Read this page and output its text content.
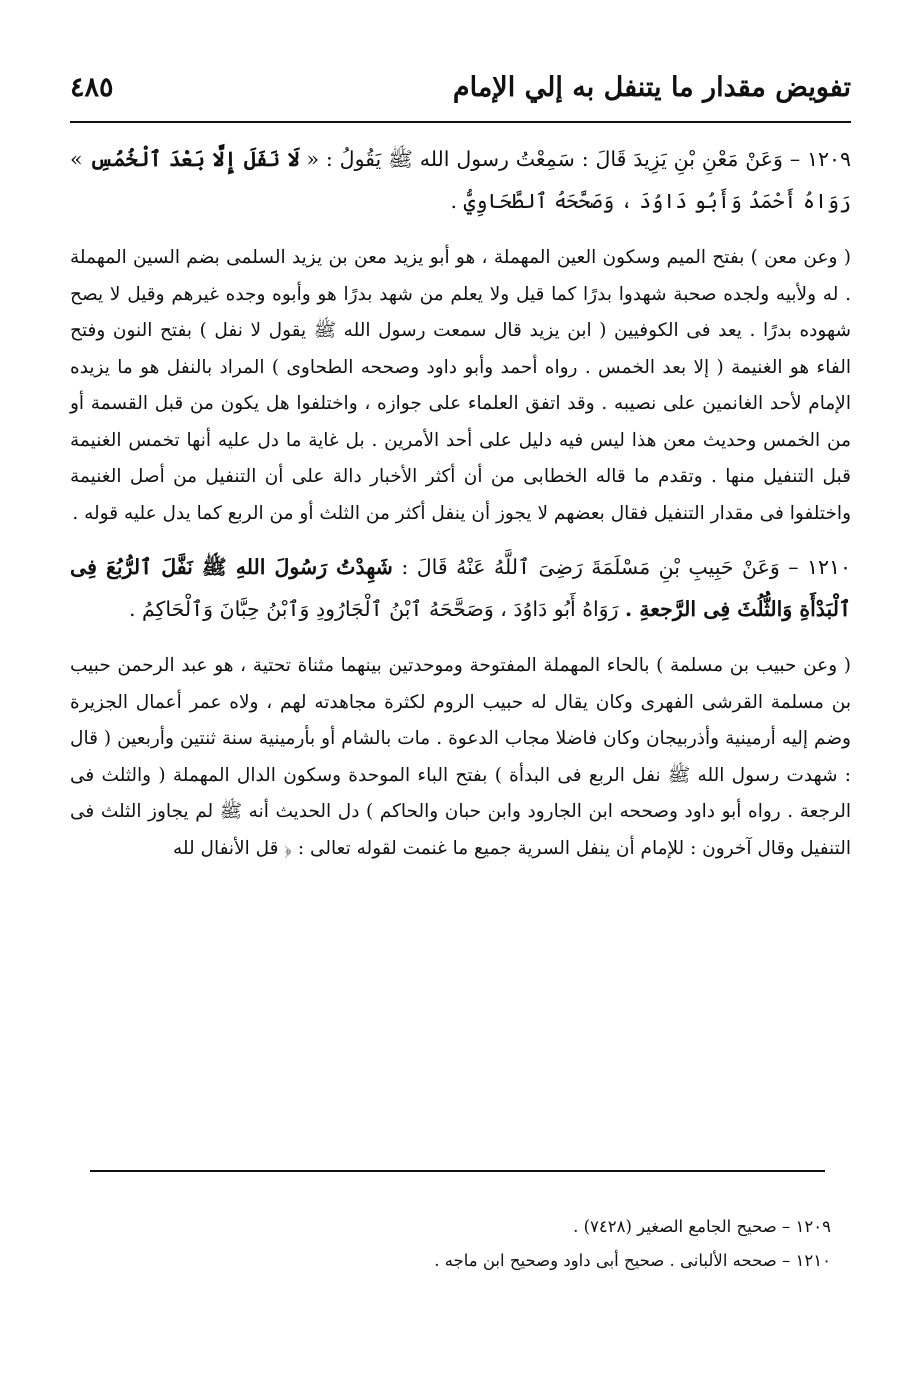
تفويض مقدار ما يتنفل به إلي الإمام
٤٨٥

١٢٠٩ – وَعَنْ مَعْنِ بْنِ يَزِيدَ قَالَ : سَمِعْتُ رسول الله ﷺ يَقُولُ : « لَا نَفَلَ إِلَّا بَعْدَ ٱلْخُمُسِ » رَوَاهُ أَحْمَدُ وَأَبُو دَاوُدَ ، وَصَحَّحَهُ ٱلطَّحَاوِيُّ .

( وعن معن ) بفتح الميم وسكون العين المهملة ، هو أبو يزيد معن بن يزيد السلمى بضم السين المهملة . له ولأبيه ولجده صحبة شهدوا بدرًا كما قيل ولا يعلم من شهد بدرًا هو وأبوه وجده غيرهم وقيل لا يصح شهوده بدرًا . يعد فى الكوفيين ( ابن يزيد قال سمعت رسول الله ﷺ يقول لا نفل ) بفتح النون وفتح الفاء هو الغنيمة ( إلا بعد الخمس . رواه أحمد وأبو داود وصححه الطحاوى ) المراد بالنفل هو ما يزيده الإمام لأحد الغانمين على نصيبه . وقد اتفق العلماء على جوازه ، واختلفوا هل يكون من قبل القسمة أو من الخمس وحديث معن هذا ليس فيه دليل على أحد الأمرين . بل غاية ما دل عليه أنها تخمس الغنيمة قبل التنفيل منها . وتقدم ما قاله الخطابى من أن أكثر الأخبار دالة على أن التنفيل من أصل الغنيمة واختلفوا فى مقدار التنفيل فقال بعضهم لا يجوز أن ينفل أكثر من الثلث أو من الربع كما يدل عليه قوله .

١٢١٠ – وَعَنْ حَبِيبِ بْنِ مَسْلَمَةَ رَضِىَ ٱللَّهُ عَنْهُ قَالَ : شَهِدْتُ رَسُولَ اللهِ ﷺ نَفَّلَ ٱلرُّبُعَ فِى ٱلْبَدْأَةِ وَالثُّلُثَ فِى الرَّجعةِ . رَوَاهُ أَبُو دَاوُدَ ، وَصَحَّحَهُ ٱبْنُ ٱلْجَارُودِ وَٱبْنُ حِبَّانَ وَٱلْحَاكِمُ .

( وعن حبيب بن مسلمة ) بالحاء المهملة المفتوحة وموحدتين بينهما مثناة تحتية ، هو عبد الرحمن حبيب بن مسلمة القرشى الفهرى وكان يقال له حبيب الروم لكثرة مجاهدته لهم ، ولاه عمر أعمال الجزيرة وضم إليه أرمينية وأذربيجان وكان فاضلا مجاب الدعوة . مات بالشام أو بأرمينية سنة ثنتين وأربعين ( قال : شهدت رسول الله ﷺ نفل الربع فى البدأة ) بفتح الباء الموحدة وسكون الدال المهملة ( والثلث فى الرجعة . رواه أبو داود وصححه ابن الجارود وابن حبان والحاكم ) دل الحديث أنه ﷺ لم يجاوز الثلث فى التنفيل وقال آخرون : للإمام أن ينفل السرية جميع ما غنمت لقوله تعالى : ﴿ قل الأنفال لله

١٢٠٩ – صحيح الجامع الصغير (٧٤٢٨) .

١٢١٠ – صححه الألبانى . صحيح أبى داود وصحيح ابن ماجه .
